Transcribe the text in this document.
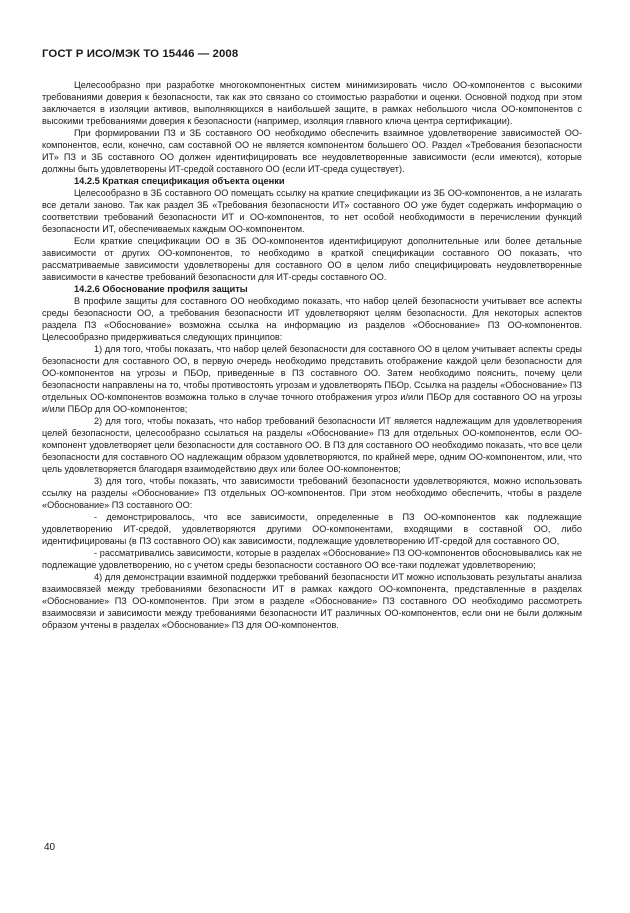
ГОСТ Р ИСО/МЭК ТО 15446 — 2008

Целесообразно при разработке многокомпонентных систем минимизировать число ОО-компонентов с высокими требованиями доверия к безопасности, так как это связано со стоимостью разработки и оценки. Основной подход при этом заключается в изоляции активов, выполняющихся в наибольшей защите, в рамках небольшого числа ОО-компонентов с высокими требованиями доверия к безопасности (например, изоляция главного ключа центра сертификации).

При формировании ПЗ и ЗБ составного ОО необходимо обеспечить взаимное удовлетворение зависимостей ОО-компонентов, если, конечно, сам составной ОО не является компонентом большего ОО. Раздел «Требования безопасности ИТ» ПЗ и ЗБ составного ОО должен идентифицировать все неудовлетворенные зависимости (если имеются), которые должны быть удовлетворены ИТ-средой составного ОО (если ИТ-среда существует).

14.2.5 Краткая спецификация объекта оценки

Целесообразно в ЗБ составного ОО помещать ссылку на краткие спецификации из ЗБ ОО-компонентов, а не излагать все детали заново. Так как раздел ЗБ «Требования безопасности ИТ» составного ОО уже будет содержать информацию о соответствии требований безопасности ИТ и ОО-компонентов, то нет особой необходимости в перечислении функций безопасности ИТ, обеспечиваемых каждым ОО-компонентом.

Если краткие спецификации ОО в ЗБ ОО-компонентов идентифицируют дополнительные или более детальные зависимости от других ОО-компонентов, то необходимо в краткой спецификации составного ОО показать, что рассматриваемые зависимости удовлетворены для составного ОО в целом либо специфицировать неудовлетворенные зависимости в качестве требований безопасности для ИТ-среды составного ОО.

14.2.6 Обоснование профиля защиты

В профиле защиты для составного ОО необходимо показать, что набор целей безопасности учитывает все аспекты среды безопасности ОО, а требования безопасности ИТ удовлетворяют целям безопасности. Для некоторых аспектов раздела ПЗ «Обоснование» возможна ссылка на информацию из разделов «Обоснование» ПЗ ОО-компонентов. Целесообразно придерживаться следующих принципов:

1) для того, чтобы показать, что набор целей безопасности для составного ОО в целом учитывает аспекты среды безопасности для составного ОО, в первую очередь необходимо представить отображение каждой цели безопасности для ОО-компонентов на угрозы и ПБОр, приведенные в ПЗ составного ОО. Затем необходимо пояснить, почему цели безопасности направлены на то, чтобы противостоять угрозам и удовлетворять ПБОр. Ссылка на разделы «Обоснование» ПЗ отдельных ОО-компонентов возможна только в случае точного отображения угроз и/или ПБОр для составного ОО на угрозы и/или ПБОр для ОО-компонентов;

2) для того, чтобы показать, что набор требований безопасности ИТ является надлежащим для удовлетворения целей безопасности, целесообразно ссылаться на разделы «Обоснование» ПЗ для отдельных ОО-компонентов, если ОО-компонент удовлетворяет цели безопасности для составного ОО. В ПЗ для составного ОО необходимо показать, что все цели безопасности для составного ОО надлежащим образом удовлетворяются, по крайней мере, одним ОО-компонентом, или, что цель удовлетворяется благодаря взаимодействию двух или более ОО-компонентов;

3) для того, чтобы показать, что зависимости требований безопасности удовлетворяются, можно использовать ссылку на разделы «Обоснование» ПЗ отдельных ОО-компонентов. При этом необходимо обеспечить, чтобы в разделе «Обоснование» ПЗ составного ОО:

- демонстрировалось, что все зависимости, определенные в ПЗ ОО-компонентов как подлежащие удовлетворению ИТ-средой, удовлетворяются другими ОО-компонентами, входящими в составной ОО, либо идентифицированы (в ПЗ составного ОО) как зависимости, подлежащие удовлетворению ИТ-средой для составного ОО,

- рассматривались зависимости, которые в разделах «Обоснование» ПЗ ОО-компонентов обосновывались как не подлежащие удовлетворению, но с учетом среды безопасности составного ОО все-таки подлежат удовлетворению;

4) для демонстрации взаимной поддержки требований безопасности ИТ можно использовать результаты анализа взаимосвязей между требованиями безопасности ИТ в рамках каждого ОО-компонента, представленные в разделах «Обоснование» ПЗ ОО-компонентов. При этом в разделе «Обоснование» ПЗ составного ОО необходимо рассмотреть взаимосвязи и зависимости между требованиями безопасности ИТ различных ОО-компонентов, если они не были должным образом учтены в разделах «Обоснование» ПЗ для ОО-компонентов.

40
